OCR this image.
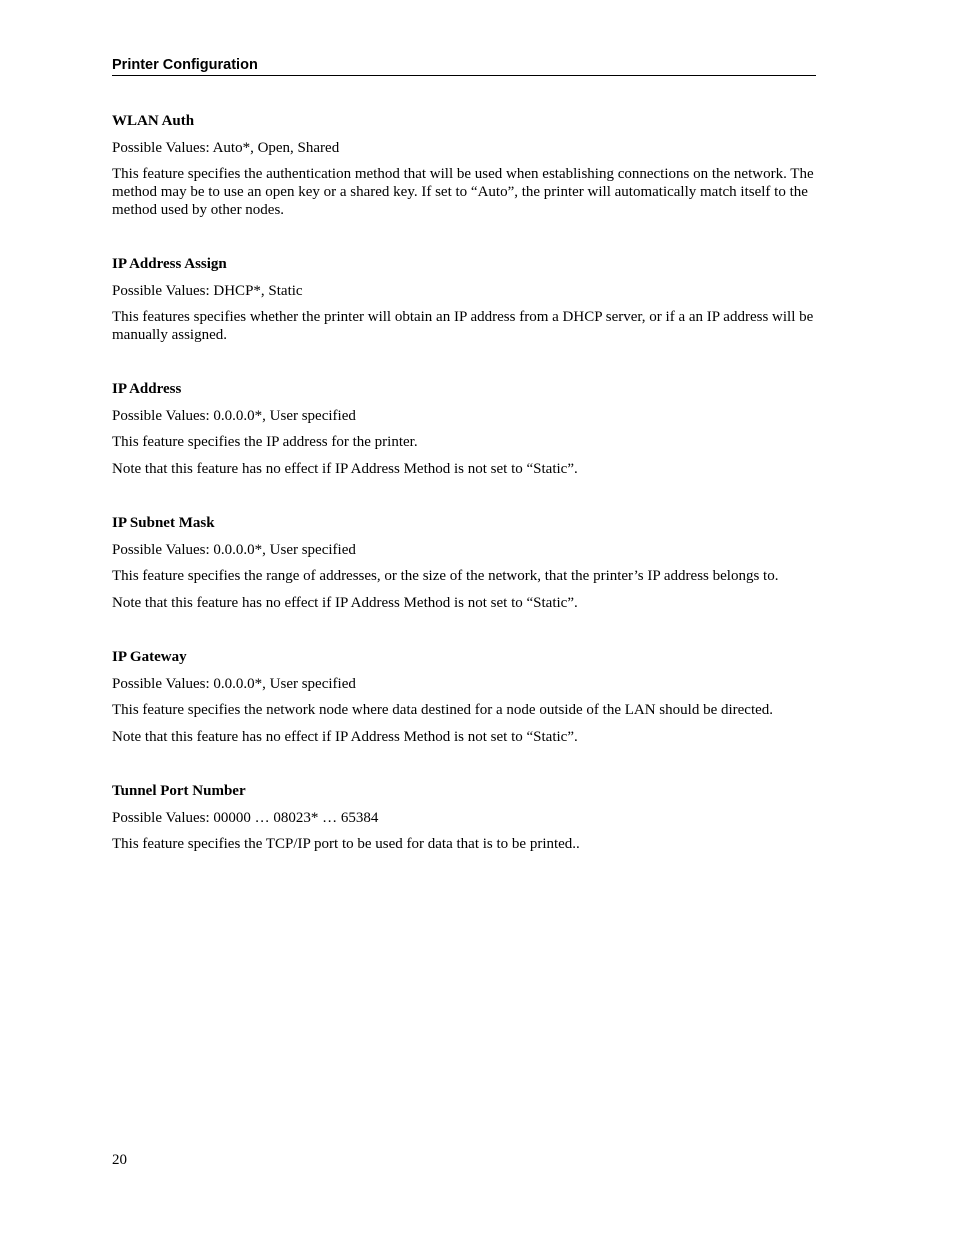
Printer Configuration
WLAN Auth
Possible Values: Auto*, Open, Shared
This feature specifies the authentication method that will be used when establishing connections on the network. The method may be to use an open key or a shared key. If set to “Auto”, the printer will automatically match itself to the method used by other nodes.
IP Address Assign
Possible Values: DHCP*, Static
This features specifies whether the printer will obtain an IP address from a DHCP server, or if a an IP address will be manually assigned.
IP Address
Possible Values: 0.0.0.0*, User specified
This feature specifies the IP address for the printer.
Note that this feature has no effect if IP Address Method is not set to “Static”.
IP Subnet Mask
Possible Values: 0.0.0.0*, User specified
This feature specifies the range of addresses, or the size of the network, that the printer’s IP address belongs to.
Note that this feature has no effect if IP Address Method is not set to “Static”.
IP Gateway
Possible Values: 0.0.0.0*, User specified
This feature specifies the network node where data destined for a node outside of the LAN should be directed.
Note that this feature has no effect if IP Address Method is not set to “Static”.
Tunnel Port Number
Possible Values: 00000 … 08023* … 65384
This feature specifies the TCP/IP port to be used for data that is to be printed..
20
